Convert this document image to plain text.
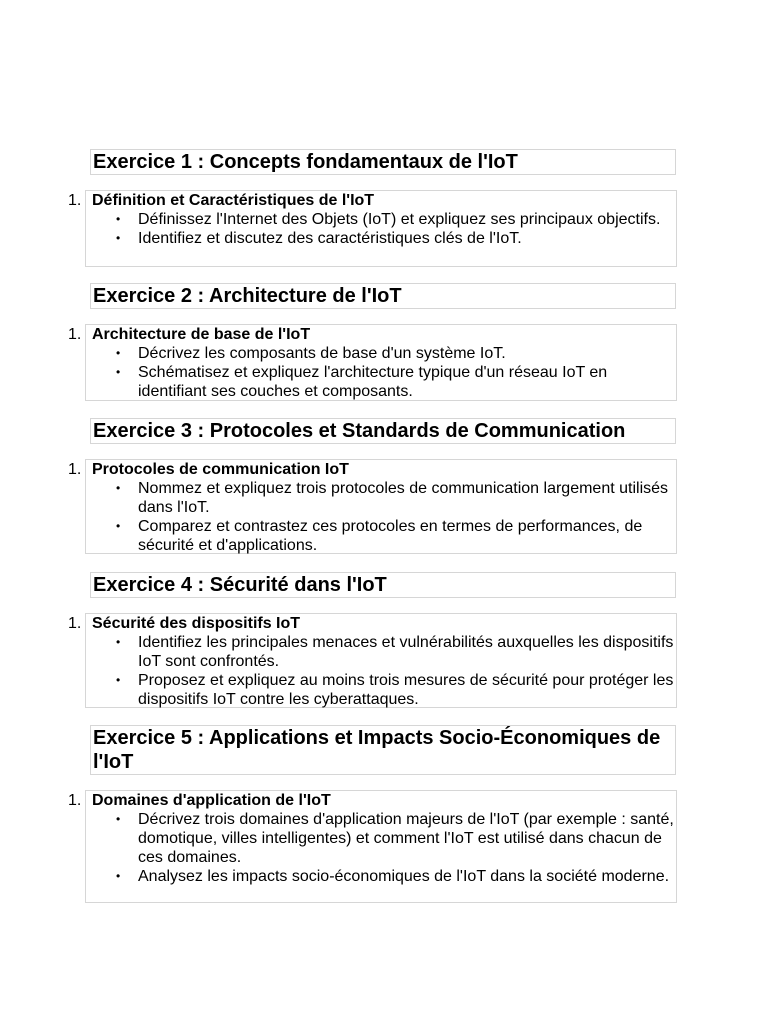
Exercice 1 : Concepts fondamentaux de l'IoT
1. Définition et Caractéristiques de l'IoT

• Définissez l'Internet des Objets (IoT) et expliquez ses principaux objectifs.
• Identifiez et discutez des caractéristiques clés de l'IoT.
Exercice 2 : Architecture de l'IoT
1. Architecture de base de l'IoT

• Décrivez les composants de base d'un système IoT.
• Schématisez et expliquez l'architecture typique d'un réseau IoT en identifiant ses couches et composants.
Exercice 3 : Protocoles et Standards de Communication
1. Protocoles de communication IoT

• Nommez et expliquez trois protocoles de communication largement utilisés dans l'IoT.
• Comparez et contrastez ces protocoles en termes de performances, de sécurité et d'applications.
Exercice 4 : Sécurité dans l'IoT
1. Sécurité des dispositifs IoT

• Identifiez les principales menaces et vulnérabilités auxquelles les dispositifs IoT sont confrontés.
• Proposez et expliquez au moins trois mesures de sécurité pour protéger les dispositifs IoT contre les cyberattaques.
Exercice 5 : Applications et Impacts Socio-Économiques de l'IoT
1. Domaines d'application de l'IoT

• Décrivez trois domaines d'application majeurs de l'IoT (par exemple : santé, domotique, villes intelligentes) et comment l'IoT est utilisé dans chacun de ces domaines.
• Analysez les impacts socio-économiques de l'IoT dans la société moderne.
